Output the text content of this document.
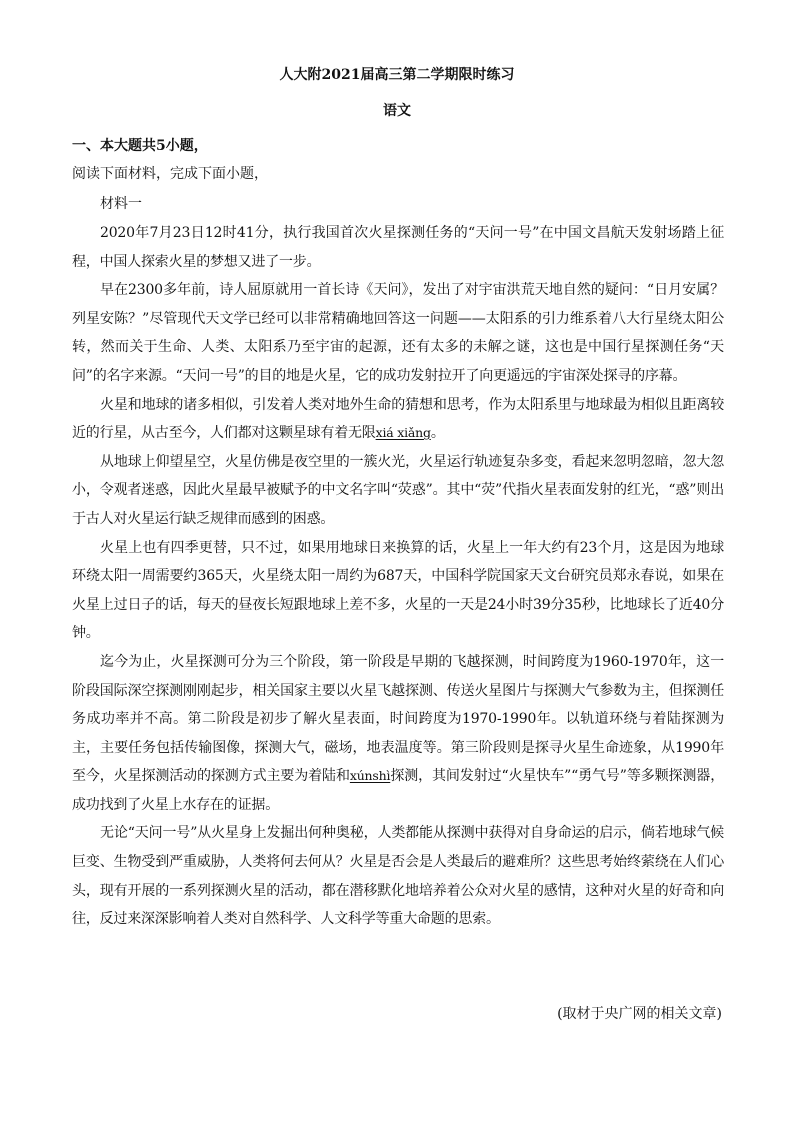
人大附2021届高三第二学期限时练习
语文
一、本大题共5小题，
阅读下面材料，完成下面小题，
材料一

2020年7月23日12时41分，执行我国首次火星探测任务的“天问一号”在中国文昌航天发射场踏上征程，中国人探索火星的梦想又进了一步。

早在2300多年前，诗人屈原就用一首长诗《天问》，发出了对宇宙洪荒天地自然的疑问：“日月安属？列星安陈？”尽管现代天文学已经可以非常精确地回答这一问题——太阳系的引力维系着八大行星绕太阳公转，然而关于生命、人类、太阳系乃至宇宙的起源，还有太多的未解之谜，这也是中国行星探测任务“天问”的名字来源。“天问一号”的目的地是火星，它的成功发射拉开了向更遥远的宇宙深处探寻的序幕。

火星和地球的诸多相似，引发着人类对地外生命的猜想和思考，作为太阳系里与地球最为相似且距离较近的行星，从古至今，人们都对这颗星球有着无限xiá xiǎng。

从地球上仰望星空，火星仿佛是夜空里的一簇火光，火星运行轨迹复杂多变，看起来忽明忽暗，忽大忽小，令观者迷惑，因此火星最早被赋予的中文名字叫“荧惑”。其中“荧”代指火星表面发射的红光，“惑”则出于古人对火星运行缺乏规律而感到的困惑。

火星上也有四季更替，只不过，如果用地球日来换算的话，火星上一年大约有23个月，这是因为地球环绕太阳一周需要约365天，火星绕太阳一周约为687天，中国科学院国家天文台研究员郑永春说，如果在火星上过日子的话，每天的昼夜长短跟地球上差不多，火星的一天是24小时39分35秒，比地球长了近40分钟。

迄今为止，火星探测可分为三个阶段，第一阶段是早期的飞越探测，时间跨度为1960-1970年，这一阶段国际深空探测刚刚起步，相关国家主要以火星飞越探测、传送火星图片与探测大气参数为主，但探测任务成功率并不高。第二阶段是初步了解火星表面，时间跨度为1970-1990年。以轨道环绕与着陆探测为主，主要任务包括传输图像，探测大气，磁场，地表温度等。第三阶段则是探寻火星生命迹象，从1990年至今，火星探测活动的探测方式主要为着陆和xúnshì探测，其间发射过“火星快车”“勇气号”等多颗探测器，成功找到了火星上水存在的证据。

无论“天问一号”从火星身上发掘出何种奥秘，人类都能从探测中获得对自身命运的启示，倘若地球气候巨变、生物受到严重威胁，人类将何去何从？火星是否会是人类最后的避难所？这些思考始终萦绕在人们心头，现有开展的一系列探测火星的活动，都在潜移默化地培养着公众对火星的感情，这种对火星的好奇和向往，反过来深深影响着人类对自然科学、人文科学等重大命题的思索。

(取材于央广网的相关文章)
